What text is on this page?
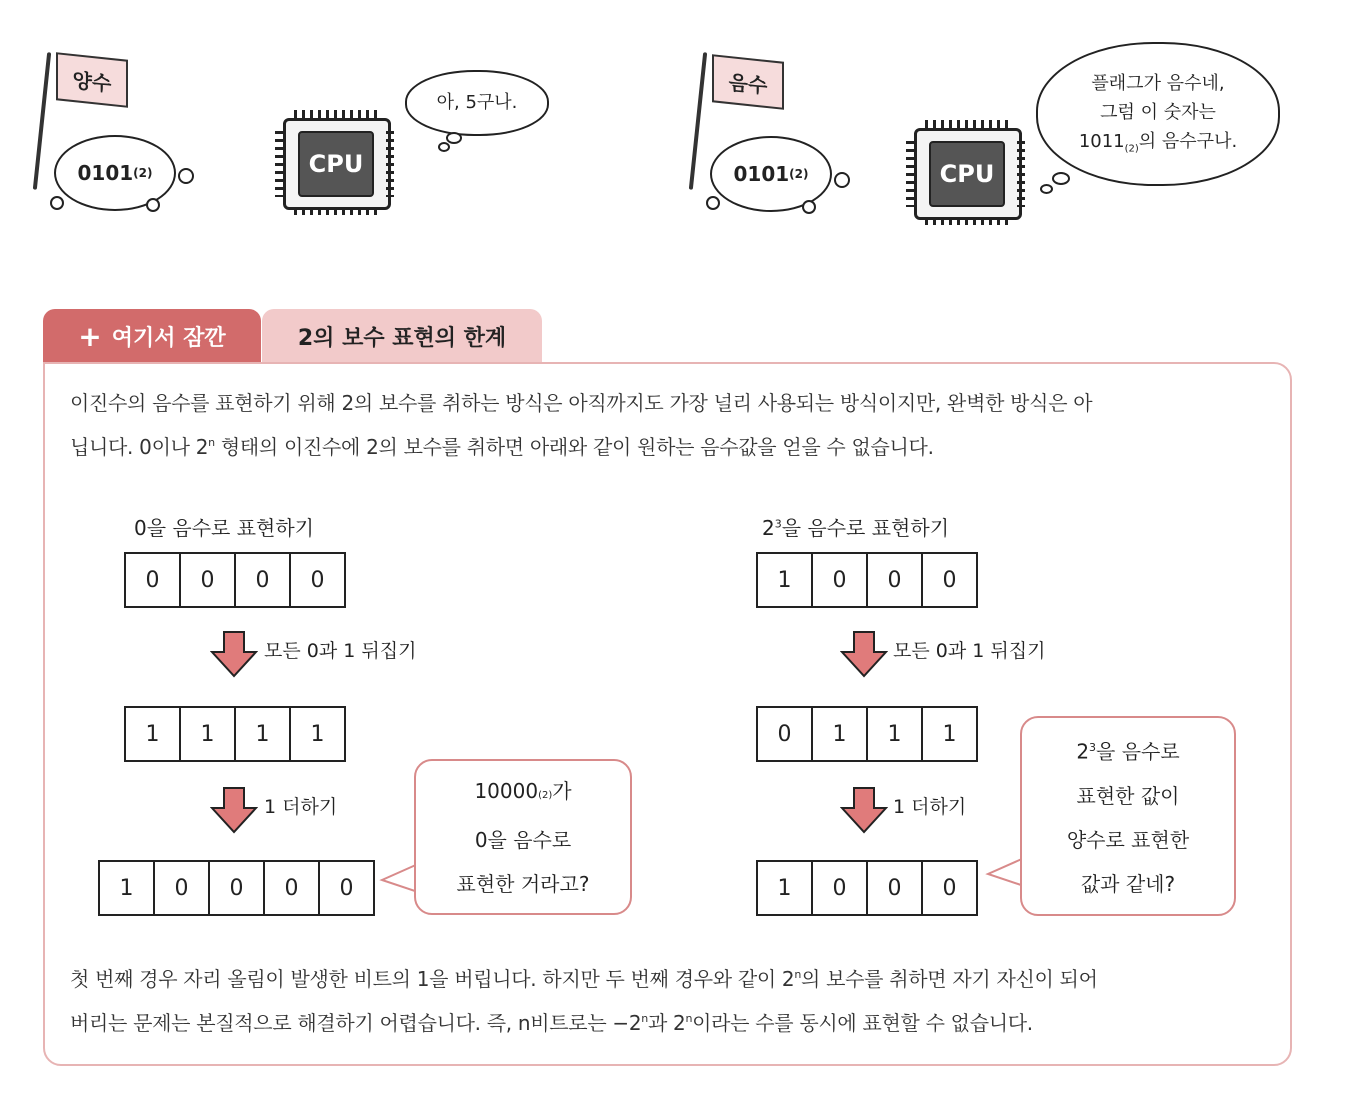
양수
0101 (2)	CPU
아, 5구나.
음수
0101 (2)	CPU
플래그가 음수네,
그럼 이 숫자는
$1011_{(2)}$의 음수구나.
+ 여기서 잠깐	2의 보수 표현의 한계
이진수의 음수를 표현하기 위해 2의 보수를 취하는 방식은 아직까지도 가장 널리 사용되는 방식이지만, 완벽한 방식은 아
닙니다. 0이나 2$^n$ 형태의 이진수에 2의 보수를 취하면 아래와 같이 원하는 음수값을 얻을 수 없습니다.
0을 음수로 표현하기
0	0	0	0
모든 0과 1 뒤집기
1	1	1	1
1 더하기
1	0	0	0	0
10000(2)가
0을 음수로
표현한 거라고?
$2^3$을 음수로 표현하기
1	0	0	0
모든 0과 1 뒤집기
0	1	1	1
1 더하기
1	0	0	0
$2^3$을 음수로
표현한 값이
양수로 표현한
값과 같네?
첫 번째 경우 자리 올림이 발생한 비트의 1을 버립니다. 하지만 두 번째 경우와 같이 2$^n$의 보수를 취하면 자기 자신이 되어
버리는 문제는 본질적으로 해결하기 어렵습니다. 즉, n비트로는 $-2^n$과 2$^n$이라는 수를 동시에 표현할 수 없습니다.
